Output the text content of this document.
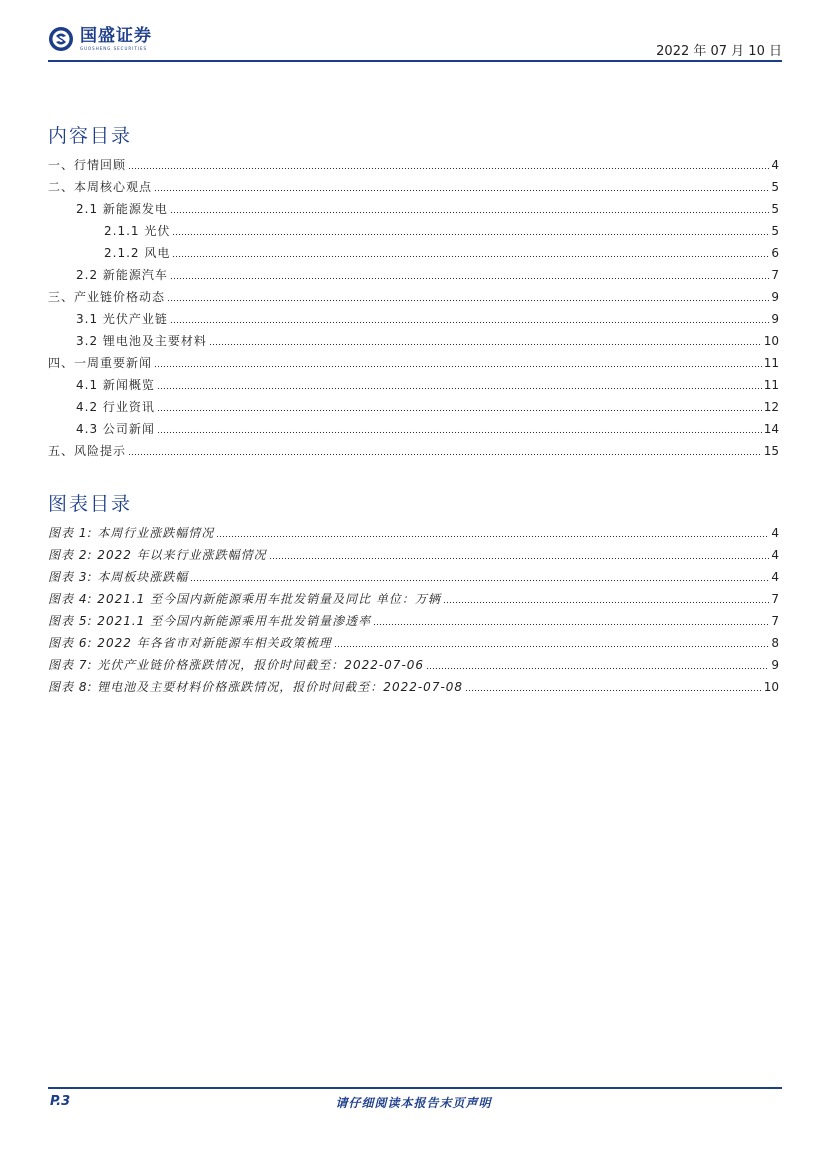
国盛证券
GUOSHENG SECURITIES	2022 年 07 月 10 日
内容目录
一、行情回顾	4
二、本周核心观点	5
2.1 新能源发电	5
2.1.1 光伏	5
2.1.2 风电	6
2.2 新能源汽车	7
三、产业链价格动态	9
3.1 光伏产业链	9
3.2 锂电池及主要材料	10
四、一周重要新闻	11
4.1 新闻概览	11
4.2 行业资讯	12
4.3 公司新闻	14
五、风险提示	15
图表目录
图表 1: 本周行业涨跌幅情况	4
图表 2: 2022 年以来行业涨跌幅情况	4
图表 3: 本周板块涨跌幅	4
图表 4: 2021.1 至今国内新能源乘用车批发销量及同比 单位：万辆	7
图表 5: 2021.1 至今国内新能源乘用车批发销量渗透率	7
图表 6: 2022 年各省市对新能源车相关政策梳理	8
图表 7: 光伏产业链价格涨跌情况，报价时间截至：2022-07-06	9
图表 8: 锂电池及主要材料价格涨跌情况，报价时间截至：2022-07-08	10
P.3	请仔细阅读本报告末页声明
